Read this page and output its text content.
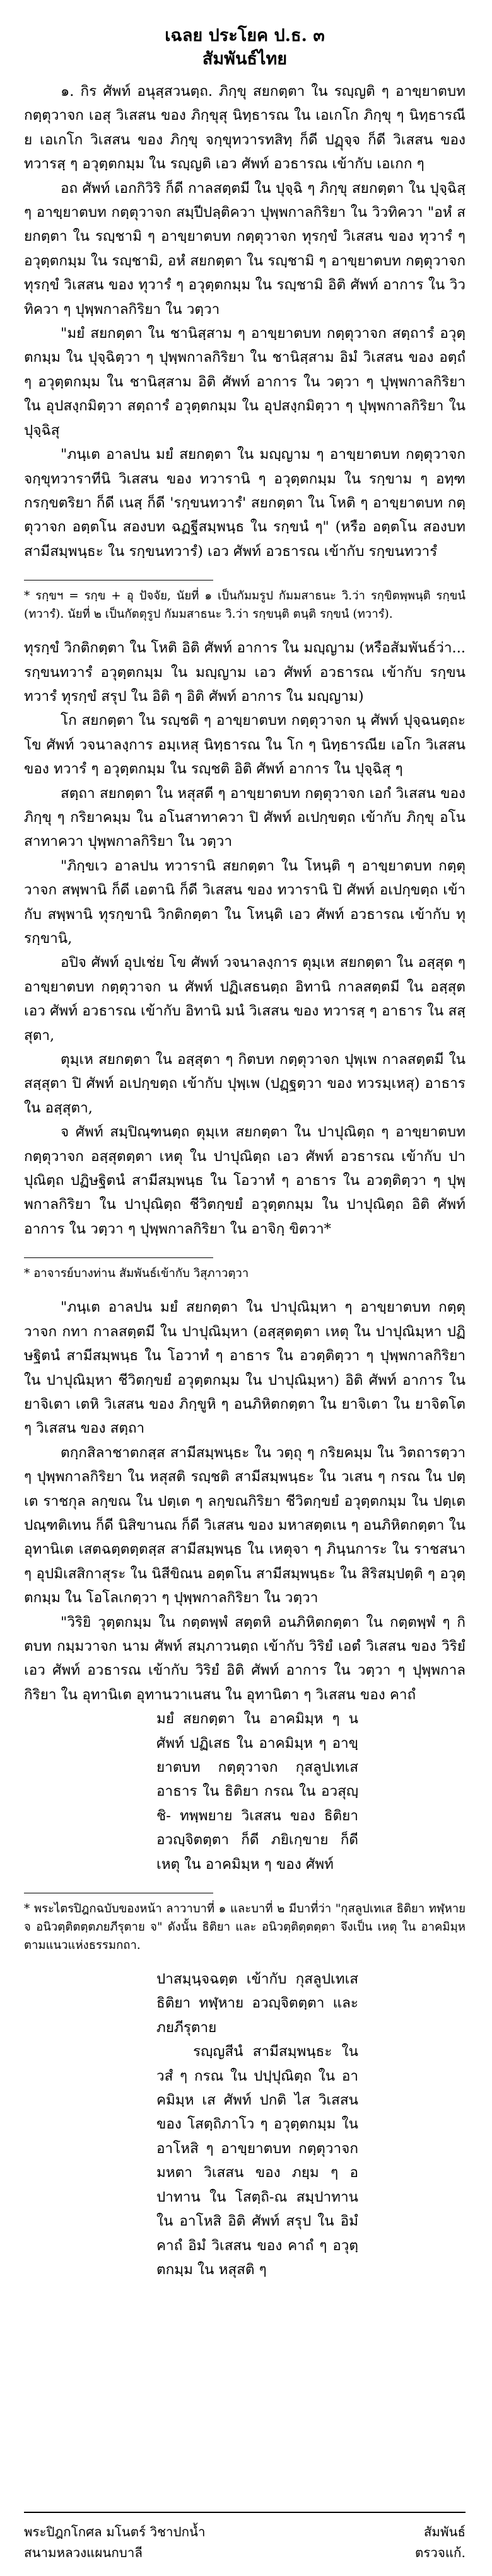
เฉลย ประโยค ป.ธ. ๓
สัมพันธ์ไทย

๑. กิร ศัพท์ อนุสฺสวนตฺถ. ภิกฺขุ สยกตฺตา ใน รญฺญติ ๆ อาขฺยาตบท กตฺตุวาจก เอสุ วิเสสน ของ ภิกฺขุสุ นิทฺธารณ ใน เอเกโก ภิกฺขุ ๆ นิทฺธารณีย เอเกโก วิเสสน ของ ภิกฺขุ จกฺขุทวารทสิทฺ ก็ดี ปฏุจฺจ ก็ดี วิเสสน ของ ทวารสฺ ๆ อวุตฺตกมฺม ใน รญฺญติ เอว ศัพท์ อวธารณ เข้ากับ เอเกก ๆ

อถ ศัพท์ เอกกิวิริ ก็ดี กาลสตฺตมี ใน ปุจฺฉิ ๆ ภิกฺขุ สยกตฺตา ใน ปุจฺฉิสฺ ๆ อาขฺยาตบท กตฺตุวาจก สมฺปีปลฺติควา ปุพฺพกาลกิริยา ใน วิวทิควา "อหํ สยกตฺตา ใน รญฺชามิ ๆ อาขฺยาตบท กตฺตุวาจก ทุรกฺขํ วิเสสน ของ ทุวารํ ๆ อวุตฺตกมฺม ใน รญฺชามิ, อหํ สยกตฺตา ใน รญฺชามิ ๆ อาขฺยาตบท กตฺตุวาจก ทุรกฺขํ วิเสสน ของ ทุวารํ ๆ อวุตฺตกมฺม ใน รญฺชามิ อิติ ศัพท์ อาการ ใน วิวทิควา ๆ ปุพฺพกาลกิริยา ใน วตฺวา

"มยํ สยกตฺตา ใน ชานิสฺสาม ๆ อาขฺยาตบท กตฺตุวาจก สตฺถารํ อวุตฺตกมฺม ใน ปุจฺฉิตฺวา ๆ ปุพฺพกาลกิริยา ใน ชานิสฺสาม อิมํ วิเสสน ของ อตฺถํ ๆ อวุตฺตกมฺม ใน ชานิสฺสาม อิติ ศัพท์ อาการ ใน วตฺวา ๆ ปุพฺพกาลกิริยา ใน อุปสงฺกมิตฺวา สตฺถารํ อวุตฺตกมฺม ใน อุปสงฺกมิตฺวา ๆ ปุพฺพกาลกิริยา ใน ปุจฺฉิสุ

"ภนฺเต อาลปน มยํ สยกตฺตา ใน มญฺญาม ๆ อาขฺยาตบท กตฺตุวาจก จกฺขุทวาราทีนิ วิเสสน ของ ทวารานิ ๆ อวุตฺตกมฺม ใน รกฺขาม ๆ อทฺฑกรกฺขตริยา ก็ดี เนสฺ ก็ดี 'รกฺขนทวารํ' สยกตฺตา ใน โหติ ๆ อาขฺยาตบท กตฺตุวาจก อตฺตโน สองบท ฉฏฐีสมฺพนฺธ ใน รกฺขนํ ๆ" (หรือ อตฺตโน สองบท สามีสมฺพนฺธะ ใน รกฺขนทวารํ) เอว ศัพท์ อวธารณ เข้ากับ รกฺขนทวารํ

* รกฺขฯ = รกฺข + อุ ปัจจัย, นัยที่ ๑ เป็นกัมมรูป กัมมสาธนะ วิ.ว่า รกฺขิตพฺพนฺติ รกฺขนํ (ทวารํ). นัยที่ ๒ เป็นกัตตุรูป กัมมสาธนะ วิ.ว่า รกฺขนฺติ ตนฺติ รกฺขนํ (ทวารํ).

ทุรกฺขํ วิกติกตฺตา ใน โหติ อิติ ศัพท์ อาการ ใน มญฺญาม (หรือสัมพันธ์ว่า... รกฺขนทวารํ อวุตฺตกมฺม ใน มญฺญาม เอว ศัพท์ อวธารณ เข้ากับ รกฺขนทวารํ ทุรกฺขํ สรุป ใน อิติ ๆ อิติ ศัพท์ อาการ ใน มญฺญาม)

โก สยกตฺตา ใน รญฺชติ ๆ อาขฺยาตบท กตฺตุวาจก นุ ศัพท์ ปุจฺฉนตฺถะ โข ศัพท์ วจนาลงฺการ อมฺเหสุ นิทฺธารณ ใน โก ๆ นิทฺธารณีย เอโก วิเสสน ของ ทวารํ ๆ อวุตฺตกมฺม ใน รญฺชติ อิติ ศัพท์ อาการ ใน ปุจฺฉิสุ ๆ

สตฺถา สยกตฺตา ใน หสุสตี ๆ อาขฺยาตบท กตฺตุวาจก เอกํ วิเสสน ของ ภิกฺขุ ๆ กริยาคมฺม ใน อโนสาทาควา ปิ ศัพท์ อเปกฺขตฺถ เข้ากับ ภิกฺขุ อโนสาทาควา ปุพฺพกาลกิริยา ใน วตฺวา

"ภิกฺขเว อาลปน ทวารานิ สยกตฺตา ใน โหนฺติ ๆ อาขฺยาตบท กตฺตุวาจก สพฺพานิ ก็ดี เอตานิ ก็ดี วิเสสน ของ ทวารานิ ปิ ศัพท์ อเปกฺขตฺถ เข้ากับ สพฺพานิ ทุรกฺขานิ วิกติกตฺตา ใน โหนฺติ เอว ศัพท์ อวธารณ เข้ากับ ทุรกฺขานิ,

อปิจ ศัพท์ อุปเช่ย โข ศัพท์ วจนาลงฺการ ตุมฺเห สยกตฺตา ใน อสฺสุต ๆ อาขฺยาตบท กตฺตุวาจก น ศัพท์ ปฏิเสธนตฺถ อิทานิ กาลสตฺตมี ใน อสฺสุต เอว ศัพท์ อวธารณ เข้ากับ อิทานิ มนํ วิเสสน ของ ทวารสฺ ๆ อาธาร ใน สสฺสุตา,

ตุมฺเห สยกตฺตา ใน อสฺสุตา ๆ กิตบท กตฺตุวาจก ปุพฺเพ กาลสตฺตมี ใน สสฺสุตา ปิ ศัพท์ อเปกฺขตฺถ เข้ากับ ปุพฺเพ (ปฏฺฐตฺวา ของ ทวรมฺเหสุ) อาธาร ใน อสฺสุตา,

จ ศัพท์ สมฺปิณฺฑนตฺถ ตุมฺเห สยกตฺตา ใน ปาปุณิตฺถ ๆ อาขฺยาตบท กตฺตุวาจก อสฺสุตตฺตา เหตุ ใน ปาปุณิตฺถ เอว ศัพท์ อวธารณ เข้ากับ ปาปุณิตฺถ ปฏิษฐิตนํ สามีสมฺพนฺธ ใน โอวาทํ ๆ อาธาร ใน อวตฺติตฺวา ๆ ปุพฺพกาลกิริยา ใน ปาปุณิตฺถ ชีวิตกฺขยํ อวุตฺตกมฺม ใน ปาปุณิตฺถ อิติ ศัพท์ อาการ ใน วตฺวา ๆ ปุพฺพกาลกิริยา ใน อาจิกฺ ขิตวา*

* อาจารย์บางท่าน สัมพันธ์เข้ากับ วิสุภาวตฺวา

"ภนฺเต อาลปน มยํ สยกตฺตา ใน ปาปุณิมฺหา ๆ อาขฺยาตบท กตฺตุวาจก กทา กาลสตฺตมี ใน ปาปุณิมฺหา (อสฺสุตตฺตา เหตุ ใน ปาปุณิมฺหา ปฏิษฐิตนํ สามีสมฺพนฺธ ใน โอวาทํ ๆ อาธาร ใน อวตฺติตฺวา ๆ ปุพฺพกาลกิริยา ใน ปาปุณิมฺหา ชีวิตกฺขยํ อวุตฺตกมฺม ใน ปาปุณิมฺหา) อิติ ศัพท์ อาการ ใน ยาจิเตา เตหิ วิเสสน ของ ภิกฺขูหิ ๆ อนภิหิตกตฺตา ใน ยาจิเตา ใน ยาจิตโต ๆ วิเสสน ของ สตฺถา

ตกฺกสิลาชาตกสฺส สามีสมฺพนฺธะ ใน วตฺถุ ๆ กริยคมฺม ใน วิตถารตฺวา ๆ ปุพฺพกาลกิริยา ใน หสุสติ รญฺชติ สามีสมฺพนฺธะ ใน วเสน ๆ กรณ ใน ปตฺเต ราชกุล ลกฺขณ ใน ปตฺเต ๆ ลกฺขณกิริยา ชีวิตกฺขยํ อวุตฺตกมฺม ใน ปตฺเต ปณฺฑติเทน ก็ดี นิสิขานณ ก็ดี วิเสสน ของ มหาสตฺตเน ๆ อนภิหิตกตฺตา ใน อุทานิเต เสตฉตฺตตฺตสฺส สามีสมฺพนฺธ ใน เหตุจา ๆ ภินฺนการะ ใน ราชสนา ๆ อุปมิเสสิกาสุระ ใน นิสีขิณน อตฺตโน สามีสมฺพนฺธะ ใน สิริสมฺปตฺติ ๆ อวุตฺตกมฺม ใน โอโลเกตฺวา ๆ ปุพฺพกาลกิริยา ใน วตฺวา

"วิริยิ วุตฺตกมฺม ใน กตฺตพฺพํ สตฺตหิ อนภิหิตกตฺตา ใน กตฺตพฺพํ ๆ กิตบท กมฺมวาจก นาม ศัพท์ สมฺภาวนตฺถ เข้ากับ วิริยํ เอตํ วิเสสน ของ วิริยํ เอว ศัพท์ อวธารณ เข้ากับ วิริยํ อิติ ศัพท์ อาการ ใน วตฺวา ๆ ปุพฺพกาลกิริยา ใน อุทานิเต อุทานวาเนสน ใน อุทานิตา ๆ วิเสสน ของ คาถํ

มยํ สยกตฺตา ใน อาคมิมฺห ๆ น ศัพท์ ปฏิเสธ ใน อาคมิมฺห ๆ อาขฺยาตบท กตฺตุวาจก กุสลูปเทเส อาธาร ใน ธิติยา กรณ ใน อวสุญฺชิ- ทพฺพยาย วิเสสน ของ ธิติยา อวญฺจิตตฺตา ก็ดี ภยิเกฺขาย ก็ดี เหตุ ใน อาคมิมฺห ๆ ของ ศัพท์

* พระไตรปิฎกฉบับของหน้า ลาวาบาที่ ๑ และบาที่ ๒ มีบาที่ว่า "กุสลูปเทเส ธิติยา ทฬฺหาย จ อนิวตฺติตตฺตภยภีรุตาย จ" ดังนั้น ธิติยา และ อนิวตฺติตฺตตฺตา จึงเป็น เหตุ ใน อาคมิมฺห ตามแนวแห่งธรรมกถา.

ปาสมฺนฺจฉตฺต เข้ากับ กุสลูปเทเส ธิติยา ทฬฺหาย อวญฺจิตตฺตา และ ภยภีรุตาย

รญฺญสีนํ สามีสมฺพนฺธะ ใน วสํ ๆ กรณ ใน ปปฺปุณิตฺถ ใน อาคมิมฺห เส ศัพท์ ปกติ ไส วิเสสน ของ โสตฺถิภาโว ๆ อวุตฺตกมฺม ใน อาโหสิ ๆ อาขฺยาตบท กตฺตุวาจก มหตา วิเสสน ของ ภยฺม ๆ อปาทาน ใน โสตฺถิ-ณ สมฺปาทาน ใน อาโหสิ อิติ ศัพท์ สรุป ใน อิมํ คาถํ อิมํ วิเสสน ของ คาถํ ๆ อวุตฺตกมฺม ใน หสุสติ ๆ

พระปิฎกโกศล มโนตร์ วิชาปกน้ำ	สัมพันธ์
สนามหลวงแผนกบาลี	ตรวจแก้.
